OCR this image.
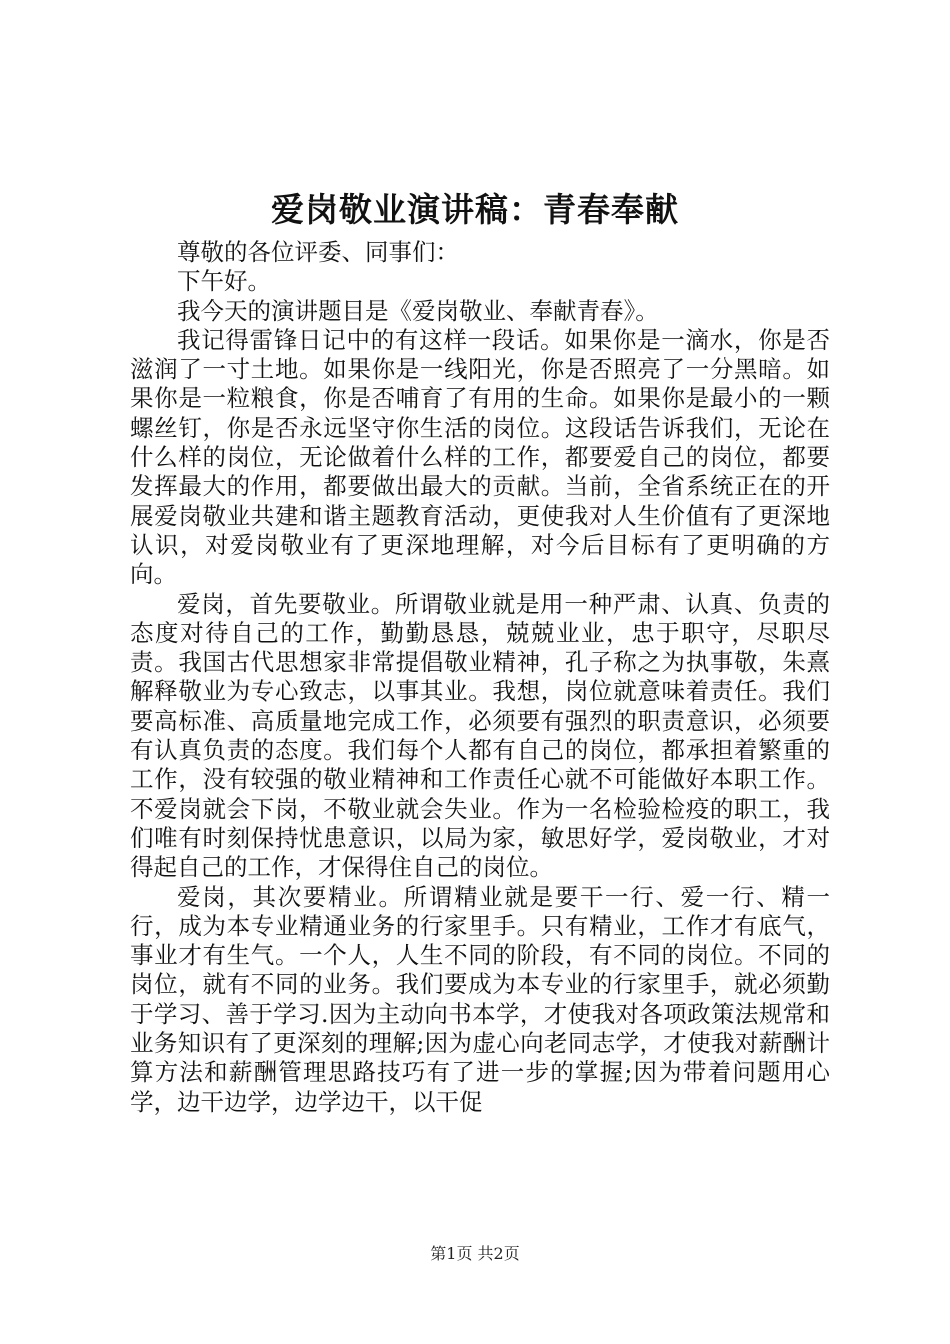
爱岗敬业演讲稿：青春奉献

尊敬的各位评委、同事们：

下午好。

我今天的演讲题目是《爱岗敬业、奉献青春》。

我记得雷锋日记中的有这样一段话。如果你是一滴水，你是否滋润了一寸土地。如果你是一线阳光，你是否照亮了一分黑暗。如果你是一粒粮食，你是否哺育了有用的生命。如果你是最小的一颗螺丝钉，你是否永远坚守你生活的岗位。这段话告诉我们，无论在什么样的岗位，无论做着什么样的工作，都要爱自己的岗位，都要发挥最大的作用，都要做出最大的贡献。当前，全省系统正在的开展爱岗敬业共建和谐主题教育活动，更使我对人生价值有了更深地认识，对爱岗敬业有了更深地理解，对今后目标有了更明确的方向。

爱岗，首先要敬业。所谓敬业就是用一种严肃、认真、负责的态度对待自己的工作，勤勤恳恳，兢兢业业，忠于职守，尽职尽责。我国古代思想家非常提倡敬业精神，孔子称之为执事敬，朱熹解释敬业为专心致志，以事其业。我想，岗位就意味着责任。我们要高标准、高质量地完成工作，必须要有强烈的职责意识，必须要有认真负责的态度。我们每个人都有自己的岗位，都承担着繁重的工作，没有较强的敬业精神和工作责任心就不可能做好本职工作。不爱岗就会下岗，不敬业就会失业。作为一名检验检疫的职工，我们唯有时刻保持忧患意识，以局为家，敏思好学，爱岗敬业，才对得起自己的工作，才保得住自己的岗位。

爱岗，其次要精业。所谓精业就是要干一行、爱一行、精一行，成为本专业精通业务的行家里手。只有精业，工作才有底气，事业才有生气。一个人，人生不同的阶段，有不同的岗位。不同的岗位，就有不同的业务。我们要成为本专业的行家里手，就必须勤于学习、善于学习.因为主动向书本学，才使我对各项政策法规常和业务知识有了更深刻的理解;因为虚心向老同志学，才使我对薪酬计算方法和薪酬管理思路技巧有了进一步的掌握;因为带着问题用心学，边干边学，边学边干，以干促

第1页 共2页
